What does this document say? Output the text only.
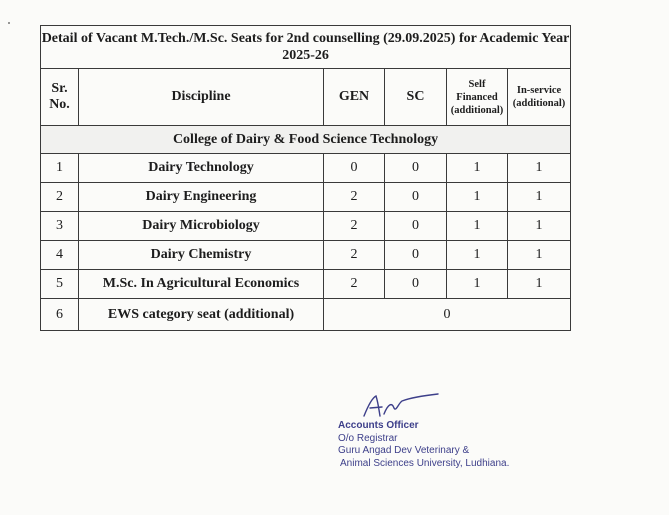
Detail of Vacant M.Tech./M.Sc. Seats for 2nd counselling (29.09.2025) for Academic Year 2025-26					
Sr. No.	Discipline	GEN	SC	Self Financed (additional)	In-service (additional)
College of Dairy & Food Science Technology					
1	Dairy Technology	0	0	1	1
2	Dairy Engineering	2	0	1	1
3	Dairy Microbiology	2	0	1	1
4	Dairy Chemistry	2	0	1	1
5	M.Sc. In Agricultural Economics	2	0	1	1
6	EWS category seat (additional)	0			
Accounts Officer
O/o Registrar
Guru Angad Dev Veterinary &
Animal Sciences University, Ludhiana.
